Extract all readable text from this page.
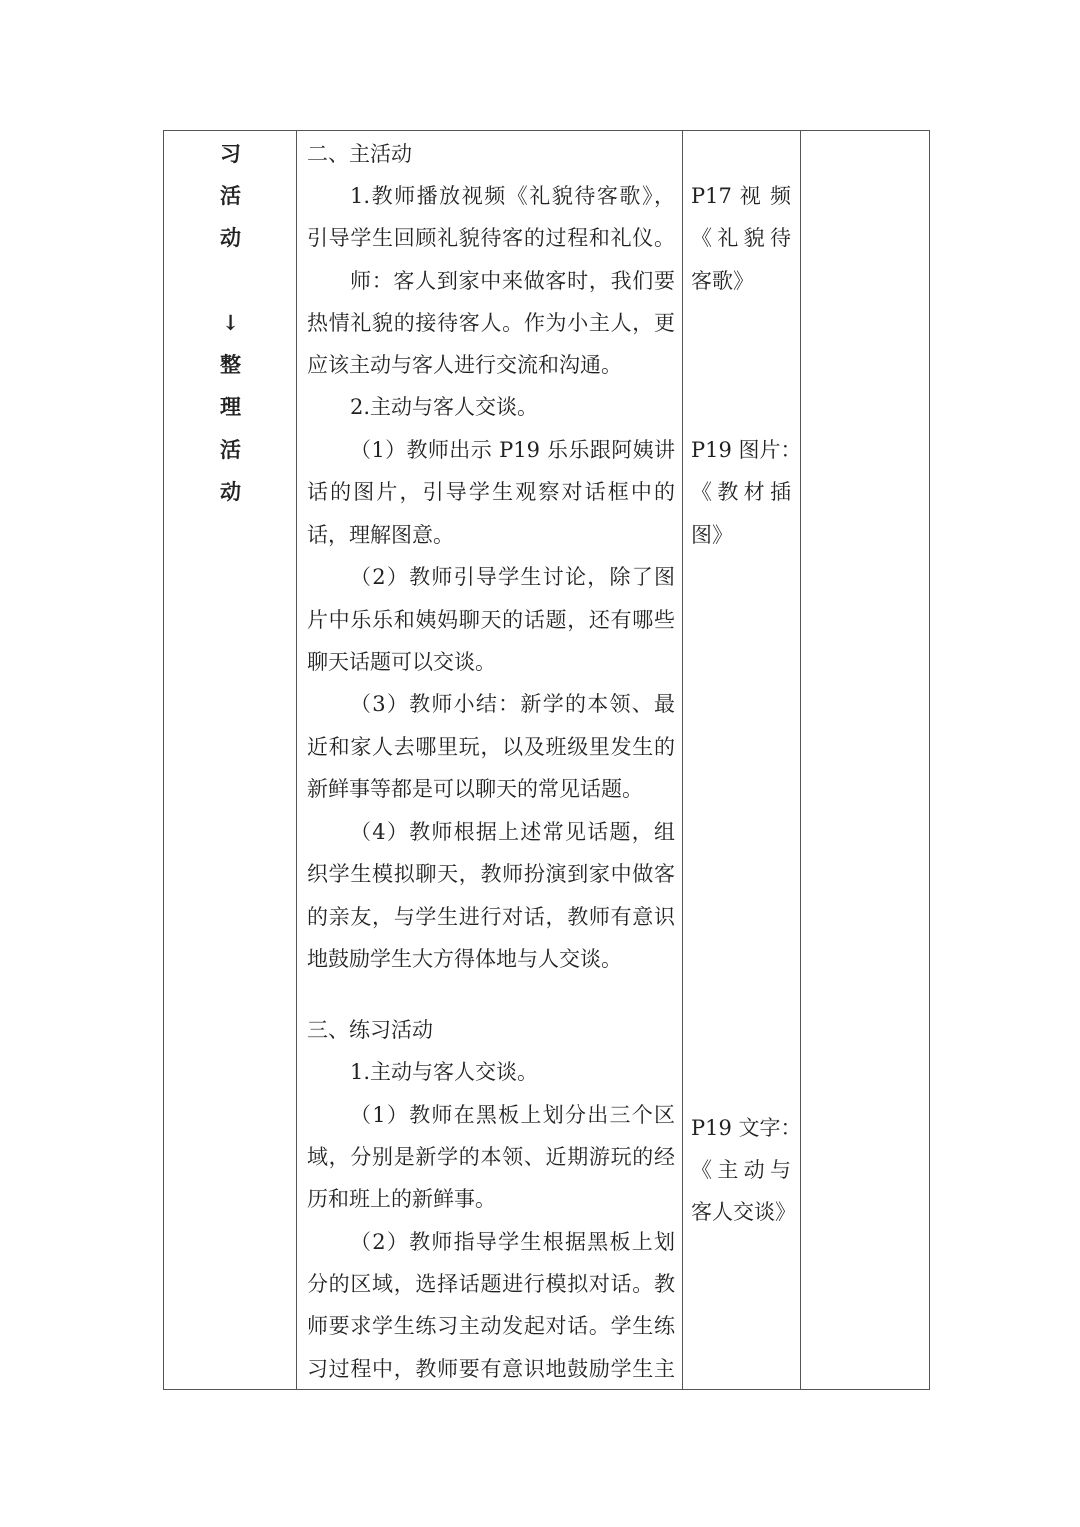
习
活
动
↓
整
理
活
动
二、主活动
1.教师播放视频《礼貌待客歌》，
引导学生回顾礼貌待客的过程和礼仪。
师：客人到家中来做客时，我们要
热情礼貌的接待客人。作为小主人，更
应该主动与客人进行交流和沟通。
2.主动与客人交谈。
（1）教师出示 P19 乐乐跟阿姨讲
话的图片，引导学生观察对话框中的
话，理解图意。
（2）教师引导学生讨论，除了图
片中乐乐和姨妈聊天的话题，还有哪些
聊天话题可以交谈。
（3）教师小结：新学的本领、最
近和家人去哪里玩，以及班级里发生的
新鲜事等都是可以聊天的常见话题。
（4）教师根据上述常见话题，组
织学生模拟聊天，教师扮演到家中做客
的亲友，与学生进行对话，教师有意识
地鼓励学生大方得体地与人交谈。
三、练习活动
1.主动与客人交谈。
（1）教师在黑板上划分出三个区
域，分别是新学的本领、近期游玩的经
历和班上的新鲜事。
（2）教师指导学生根据黑板上划
分的区域，选择话题进行模拟对话。教
师要求学生练习主动发起对话。学生练
习过程中，教师要有意识地鼓励学生主
P17 视 频
《礼貌待
客歌》
P19 图片：
《教材插
图》
P19 文字：
《主动与
客人交谈》
